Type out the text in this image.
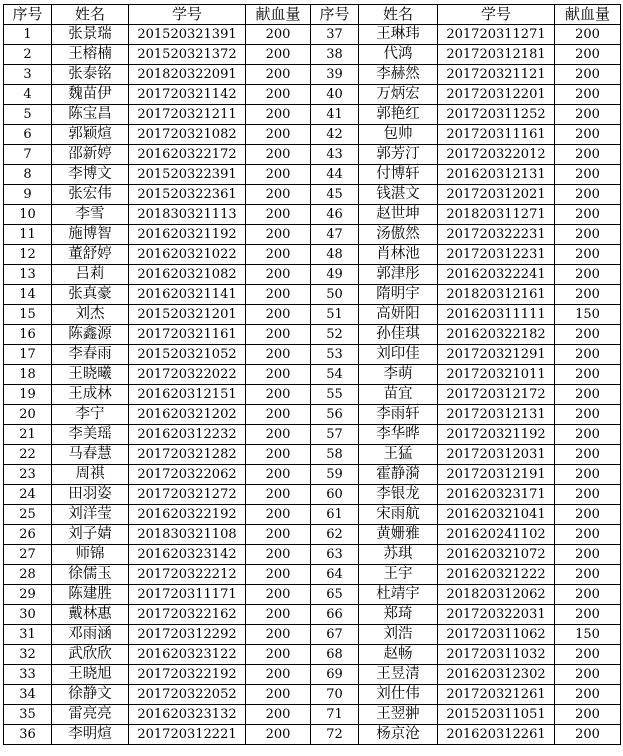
序号	姓名	学号	献血量	序号	姓名	学号	献血量
1	张景瑞	201520321391	200	37	王琳玮	201720311271	200
2	王榕楠	201520321372	200	38	代鸿	201720312181	200
3	张泰铭	201820322091	200	39	李赫然	201720321121	200
4	魏苗伊	201720321142	200	40	万炳宏	201720312201	200
5	陈宝昌	201720321211	200	41	郭艳红	201720311252	200
6	郭颖煊	201720321082	200	42	包帅	201720311161	200
7	邵新婷	201620322172	200	43	郭芳汀	201720322012	200
8	李博文	201520322391	200	44	付博轩	201620312131	200
9	张宏伟	201520322361	200	45	钱湛文	201720312021	200
10	李雪	201830321113	200	46	赵世坤	201820311271	200
11	施博智	201620321192	200	47	汤傲然	201720322231	200
12	董舒婷	201620321022	200	48	肖林池	201720312231	200
13	吕莉	201620321082	200	49	郭津彤	201620322241	200
14	张真豪	201620321141	200	50	隋明宇	201820312161	200
15	刘杰	201520321201	200	51	高妍阳	201620311111	150
16	陈鑫源	201720321161	200	52	孙佳琪	201620322182	200
17	李春雨	201520321052	200	53	刘印佳	201720321291	200
18	王晓曦	201720322022	200	54	李萌	201720321011	200
19	王成林	201620312151	200	55	苗宜	201720312172	200
20	李宁	201620321202	200	56	李雨轩	201720312131	200
21	李美瑶	201620312232	200	57	李华晔	201720321192	200
22	马春慧	201720321282	200	58	王猛	201720312031	200
23	周祺	201720322062	200	59	霍静漪	201720312191	200
24	田羽姿	201720321272	200	60	李银龙	201620323171	200
25	刘洋莹	201620322192	200	61	宋雨航	201620321041	200
26	刘子婧	201830321108	200	62	黄姗雅	201620241102	200
27	师锦	201620323142	200	63	苏琪	201620321072	200
28	徐儒玉	201720322212	200	64	王宇	201620321222	200
29	陈建胜	201720311171	200	65	杜靖宇	201820312062	200
30	戴林惠	201720322162	200	66	郑琦	201720322031	200
31	邓雨涵	201720312292	200	67	刘浩	201720311062	150
32	武欣欣	201620323122	200	68	赵畅	201720311032	200
33	王晓旭	201720322192	200	69	王昱清	201620312302	200
34	徐静文	201720322052	200	70	刘仕伟	201720321261	200
35	雷亮亮	201620323132	200	71	王翌翀	201520311051	200
36	李明煊	201720312221	200	72	杨京沧	201620312261	200
